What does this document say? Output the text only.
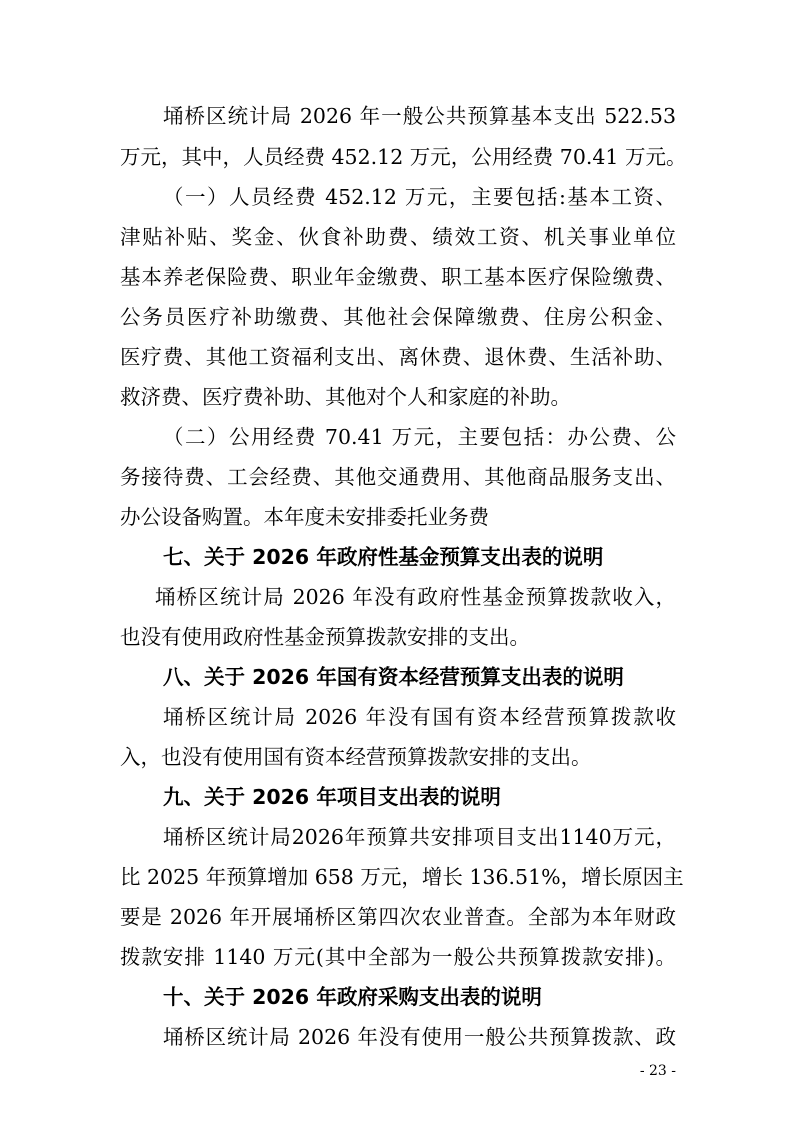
埇桥区统计局 2026 年一般公共预算基本支出 522.53
万元，其中，人员经费 452.12 万元，公用经费 70.41 万元。
（一）人员经费 452.12 万元，主要包括:基本工资、
津贴补贴、奖金、伙食补助费、绩效工资、机关事业单位
基本养老保险费、职业年金缴费、职工基本医疗保险缴费、
公务员医疗补助缴费、其他社会保障缴费、住房公积金、
医疗费、其他工资福利支出、离休费、退休费、生活补助、
救济费、医疗费补助、其他对个人和家庭的补助。
（二）公用经费 70.41 万元，主要包括：办公费、公
务接待费、工会经费、其他交通费用、其他商品服务支出、
办公设备购置。本年度未安排委托业务费
七、关于 2026 年政府性基金预算支出表的说明
埇桥区统计局 2026 年没有政府性基金预算拨款收入，
也没有使用政府性基金预算拨款安排的支出。
八、关于 2026 年国有资本经营预算支出表的说明
埇桥区统计局 2026 年没有国有资本经营预算拨款收
入，也没有使用国有资本经营预算拨款安排的支出。
九、关于 2026 年项目支出表的说明
埇桥区统计局2026年预算共安排项目支出1140万元，
比 2025 年预算增加 658 万元，增长 136.51%，增长原因主
要是 2026 年开展埇桥区第四次农业普查。全部为本年财政
拨款安排 1140 万元(其中全部为一般公共预算拨款安排)。
十、关于 2026 年政府采购支出表的说明
埇桥区统计局 2026 年没有使用一般公共预算拨款、政
- 23 -
